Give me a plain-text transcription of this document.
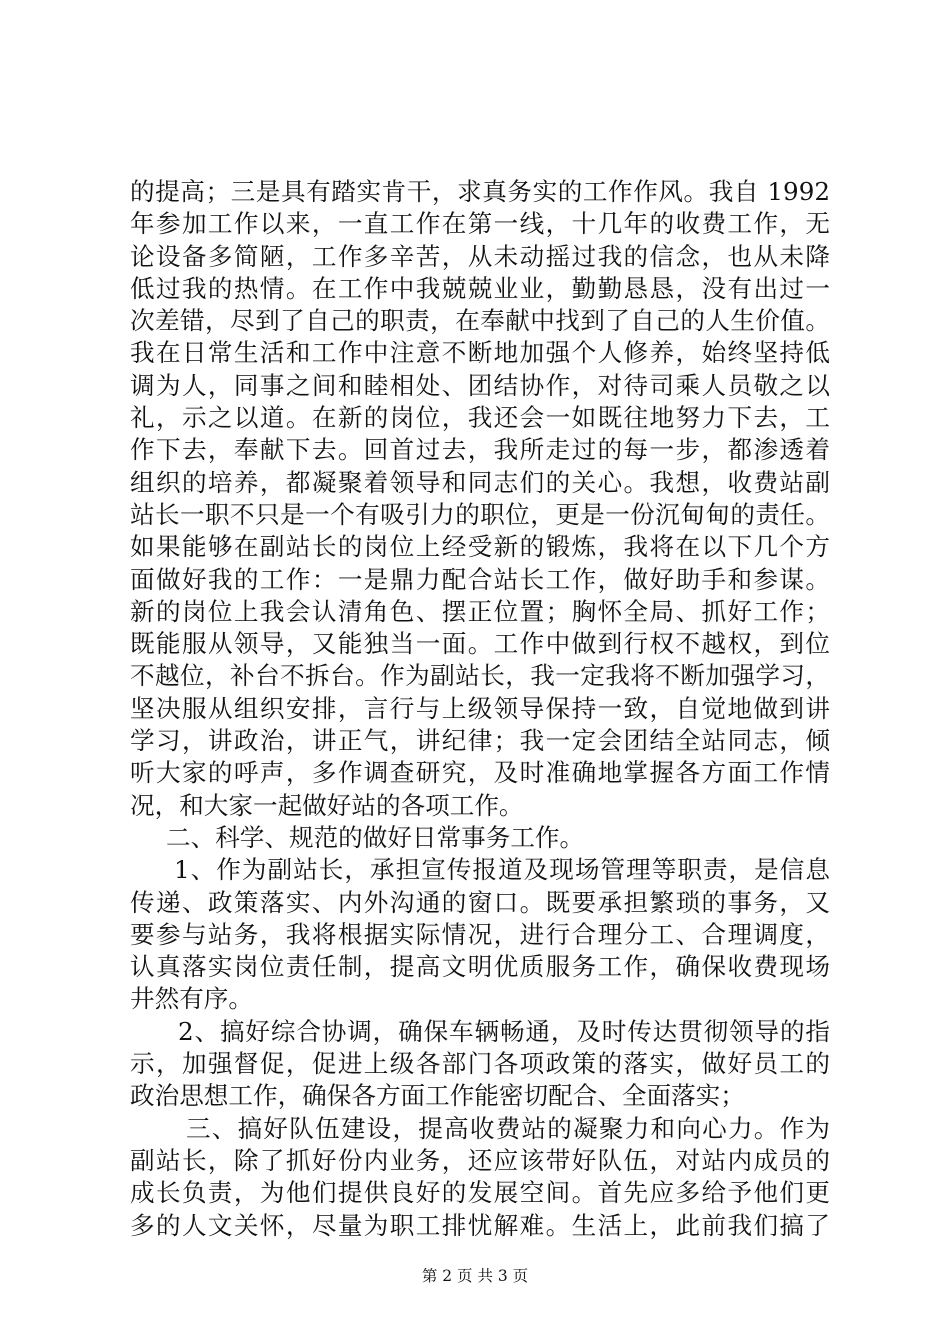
的提高；三是具有踏实肯干，求真务实的工作作风。我自 1992
年参加工作以来，一直工作在第一线，十几年的收费工作，无
论设备多简陋，工作多辛苦，从未动摇过我的信念，也从未降
低过我的热情。在工作中我兢兢业业，勤勤恳恳，没有出过一
次差错，尽到了自己的职责，在奉献中找到了自己的人生价值。
我在日常生活和工作中注意不断地加强个人修养，始终坚持低
调为人，同事之间和睦相处、团结协作，对待司乘人员敬之以
礼，示之以道。在新的岗位，我还会一如既往地努力下去，工
作下去，奉献下去。回首过去，我所走过的每一步，都渗透着
组织的培养，都凝聚着领导和同志们的关心。我想，收费站副
站长一职不只是一个有吸引力的职位，更是一份沉甸甸的责任。
如果能够在副站长的岗位上经受新的锻炼，我将在以下几个方
面做好我的工作：一是鼎力配合站长工作，做好助手和参谋。
新的岗位上我会认清角色、摆正位置；胸怀全局、抓好工作；
既能服从领导，又能独当一面。工作中做到行权不越权，到位
不越位，补台不拆台。作为副站长，我一定我将不断加强学习，
坚决服从组织安排，言行与上级领导保持一致，自觉地做到讲
学习，讲政治，讲正气，讲纪律；我一定会团结全站同志，倾
听大家的呼声，多作调查研究，及时准确地掌握各方面工作情
况，和大家一起做好站的各项工作。
二、科学、规范的做好日常事务工作。
1、作为副站长，承担宣传报道及现场管理等职责，是信息
传递、政策落实、内外沟通的窗口。既要承担繁琐的事务，又
要参与站务，我将根据实际情况，进行合理分工、合理调度，
认真落实岗位责任制，提高文明优质服务工作，确保收费现场
井然有序。
2、搞好综合协调，确保车辆畅通，及时传达贯彻领导的指
示，加强督促，促进上级各部门各项政策的落实，做好员工的
政治思想工作，确保各方面工作能密切配合、全面落实；
三、搞好队伍建设，提高收费站的凝聚力和向心力。作为
副站长，除了抓好份内业务，还应该带好队伍，对站内成员的
成长负责，为他们提供良好的发展空间。首先应多给予他们更
多的人文关怀，尽量为职工排忧解难。生活上，此前我们搞了
第 2 页 共 3 页
